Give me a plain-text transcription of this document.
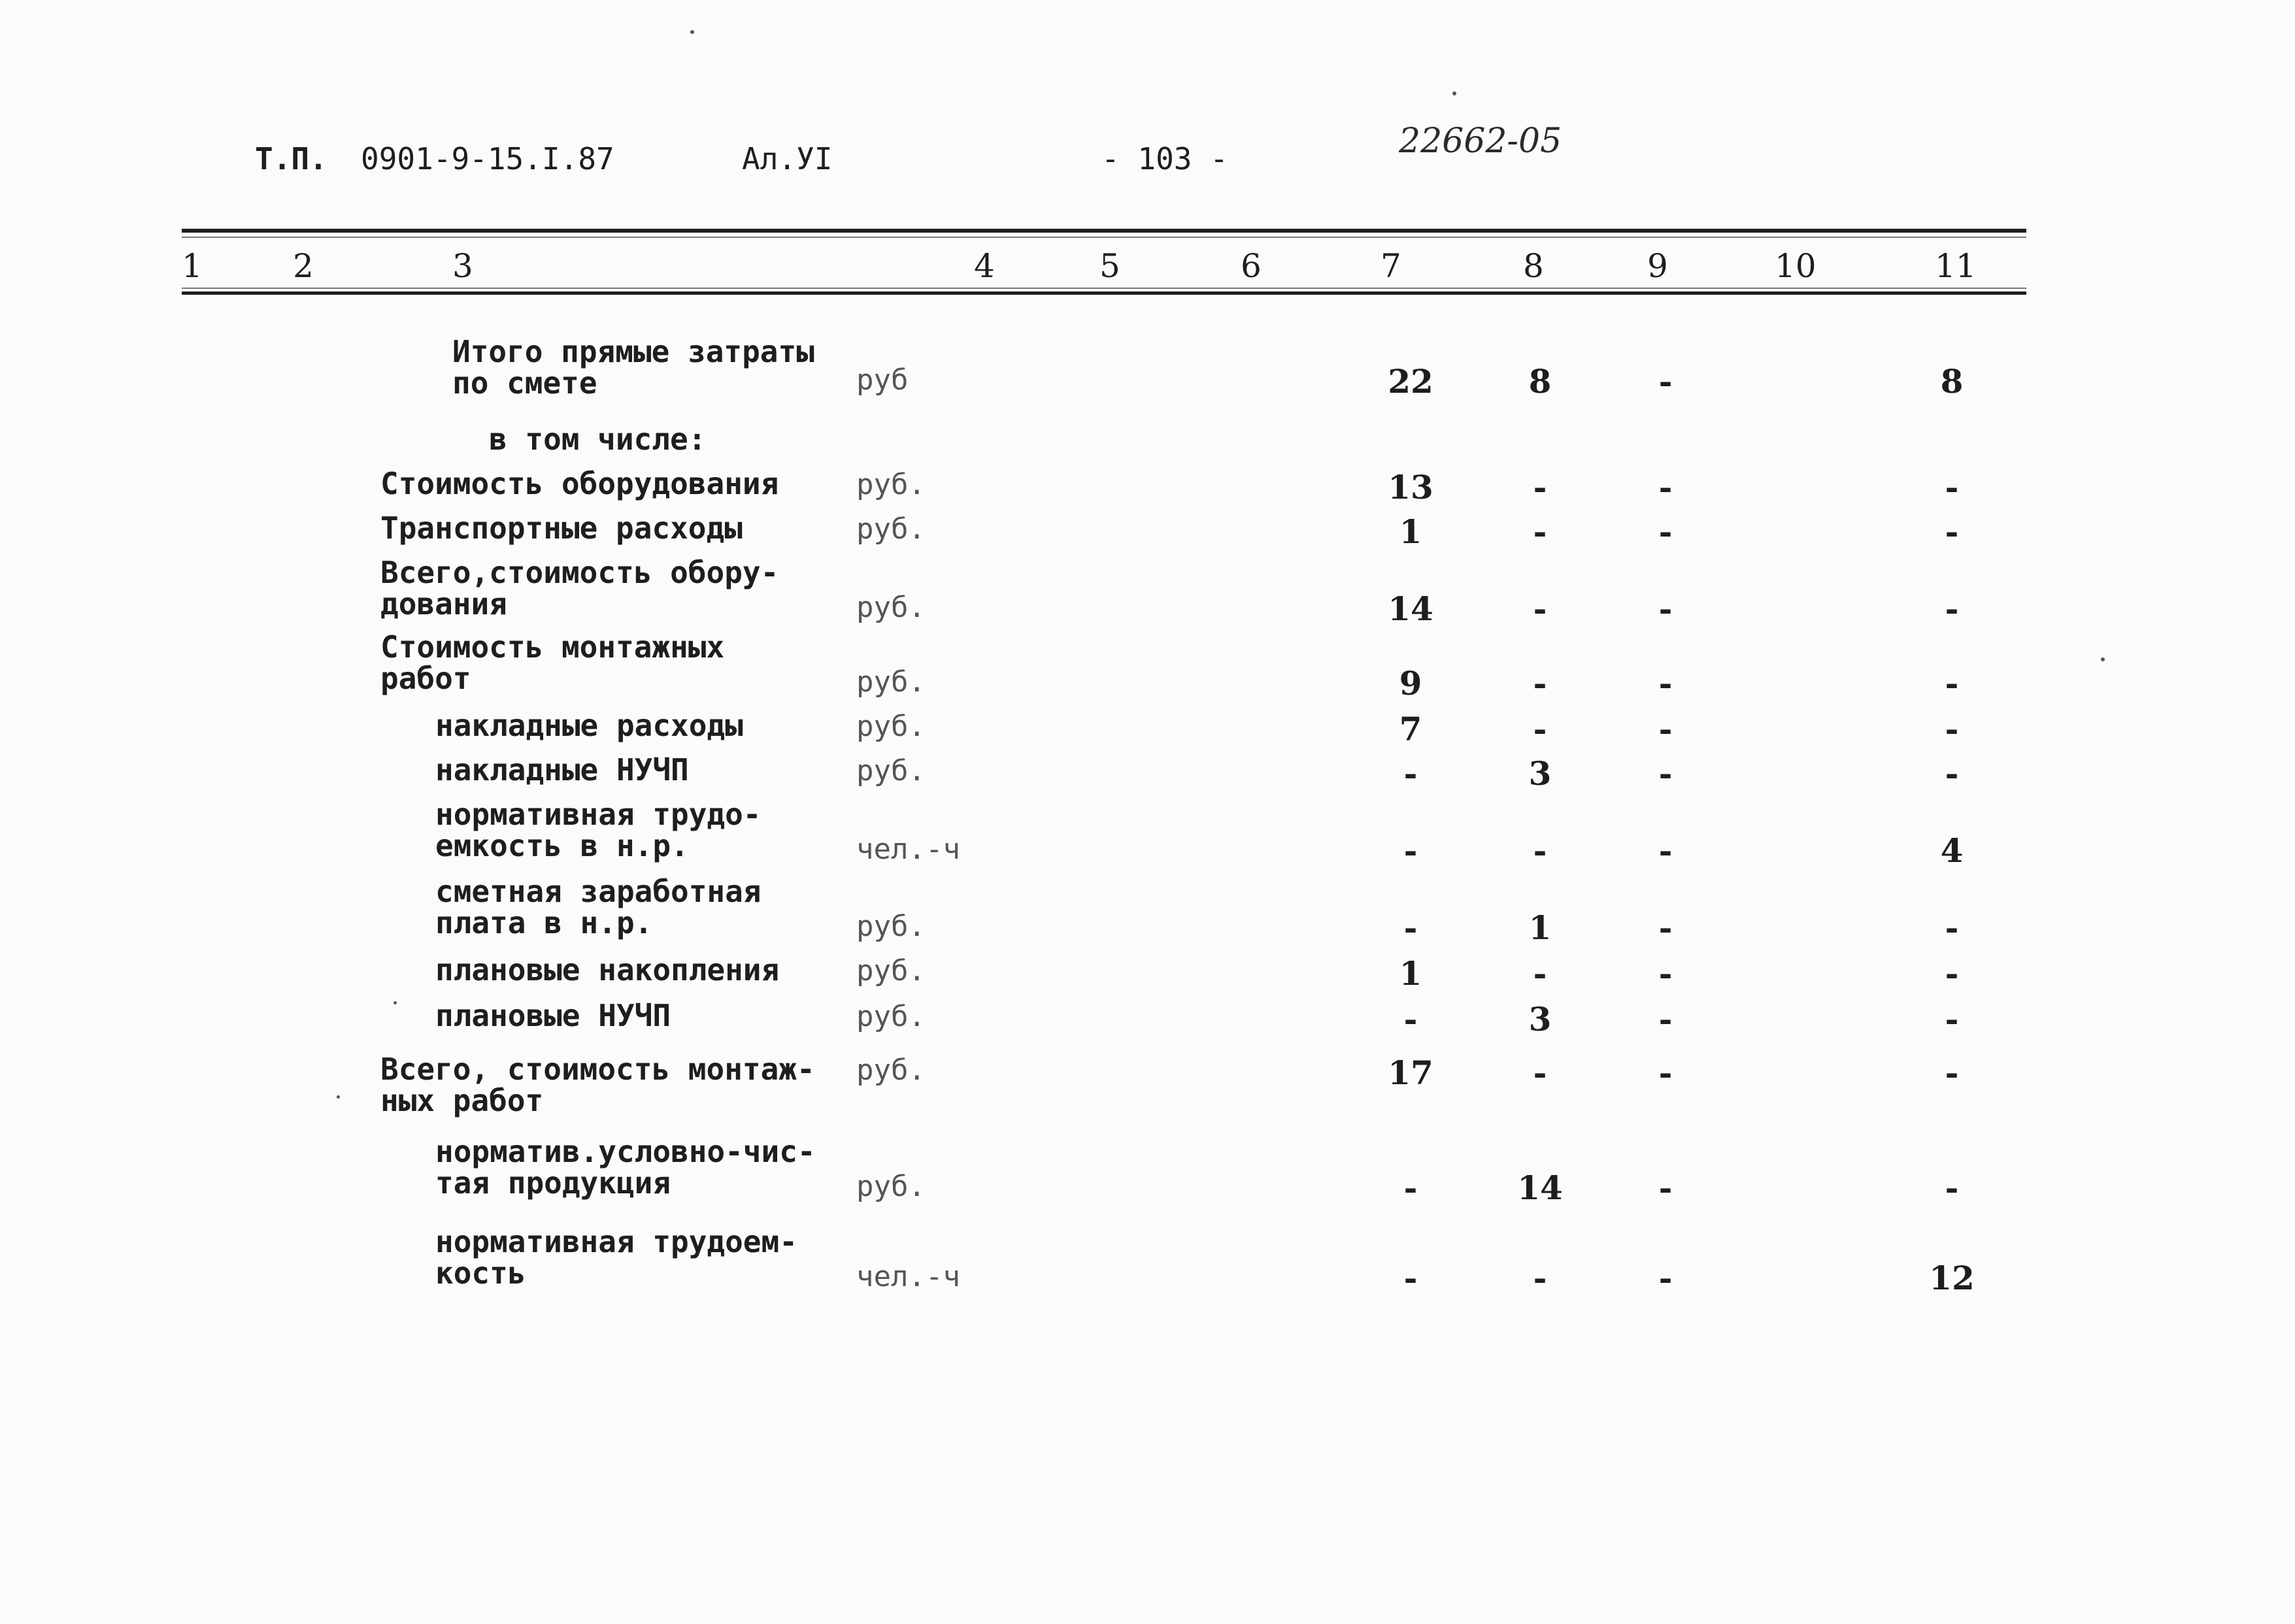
Т.П. 0901-9-15.I.87	Ал.УI	- 103 -	22662-05
1	2	3	4	5	6	7	8	9	10	11
Итого прямые затраты
по смете	руб	22	8	-	8
в том числе:
Стоимость оборудования	руб.	13	-	-	-
Транспортные расходы	руб.	1	-	-	-
Всего,стоимость обору-
дования	руб.	14	-	-	-
Стоимость монтажных
работ	руб.	9	-	-	-
накладные расходы	руб.	7	-	-	-
накладные НУЧП	руб.	-	3	-	-
нормативная трудо-
емкость в н.р.	чел.-ч	-	-	-	4
сметная заработная
плата в н.р.	руб.	-	1	-	-
плановые накопления	руб.	1	-	-	-
плановые НУЧП	руб.	-	3	-	-
Всего, стоимость монтаж-
ных работ
руб.	17	-	-	-
норматив.условно-чис-
тая продукция	руб.	-	14	-	-
нормативная трудоем-
кость	чел.-ч	-	-	-	12
